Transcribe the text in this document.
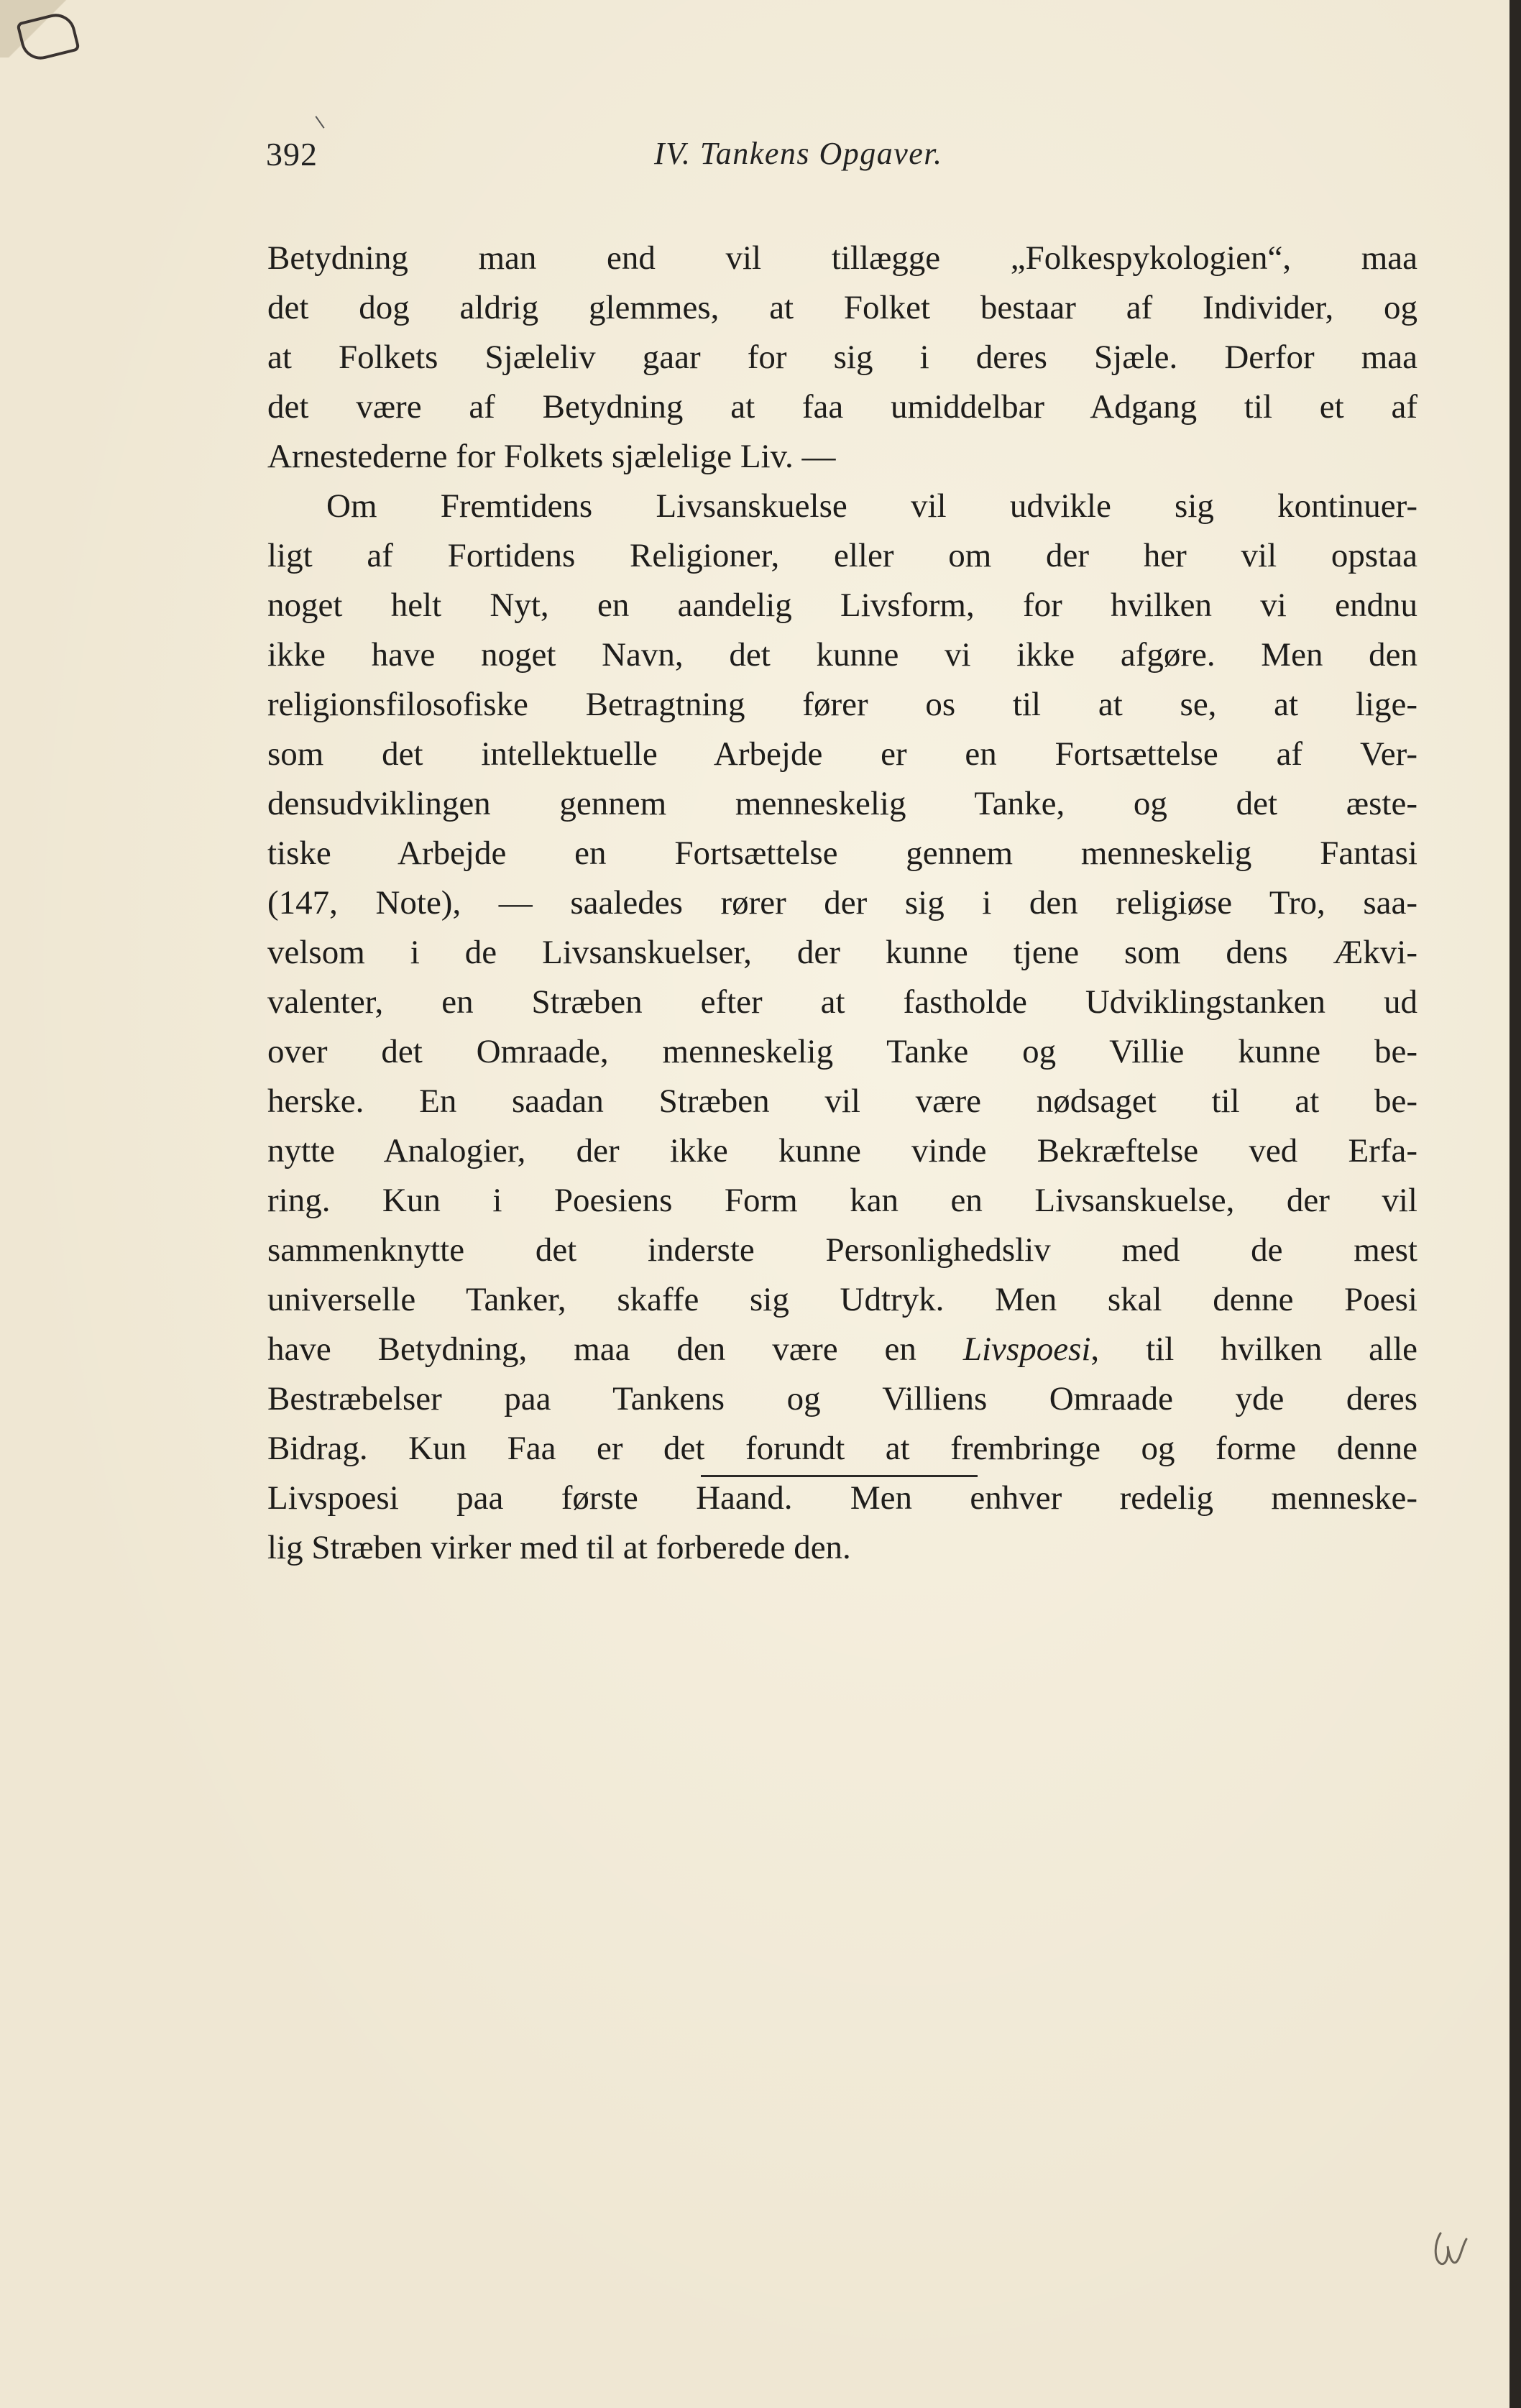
392	IV. Tankens Opgaver.
Betydning man end vil tillægge „Folkespykologien“, maa
det dog aldrig glemmes, at Folket bestaar af Individer, og
at Folkets Sjæleliv gaar for sig i deres Sjæle. Derfor maa
det være af Betydning at faa umiddelbar Adgang til et af
Arnestederne for Folkets sjælelige Liv. —
Om Fremtidens Livsanskuelse vil udvikle sig kontinuer-
ligt af Fortidens Religioner, eller om der her vil opstaa
noget helt Nyt, en aandelig Livsform, for hvilken vi endnu
ikke have noget Navn, det kunne vi ikke afgøre. Men den
religionsfilosofiske Betragtning fører os til at se, at lige-
som det intellektuelle Arbejde er en Fortsættelse af Ver-
densudviklingen gennem menneskelig Tanke, og det æste-
tiske Arbejde en Fortsættelse gennem menneskelig Fantasi
(147, Note), — saaledes rører der sig i den religiøse Tro, saa-
velsom i de Livsanskuelser, der kunne tjene som dens Ækvi-
valenter, en Stræben efter at fastholde Udviklingstanken ud
over det Omraade, menneskelig Tanke og Villie kunne be-
herske. En saadan Stræben vil være nødsaget til at be-
nytte Analogier, der ikke kunne vinde Bekræftelse ved Erfa-
ring. Kun i Poesiens Form kan en Livsanskuelse, der vil
sammenknytte det inderste Personlighedsliv med de mest
universelle Tanker, skaffe sig Udtryk. Men skal denne Poesi
have Betydning, maa den være en Livspoesi, til hvilken alle
Bestræbelser paa Tankens og Villiens Omraade yde deres
Bidrag. Kun Faa er det forundt at frembringe og forme denne
Livspoesi paa første Haand. Men enhver redelig menneske-
lig Stræben virker med til at forberede den.
